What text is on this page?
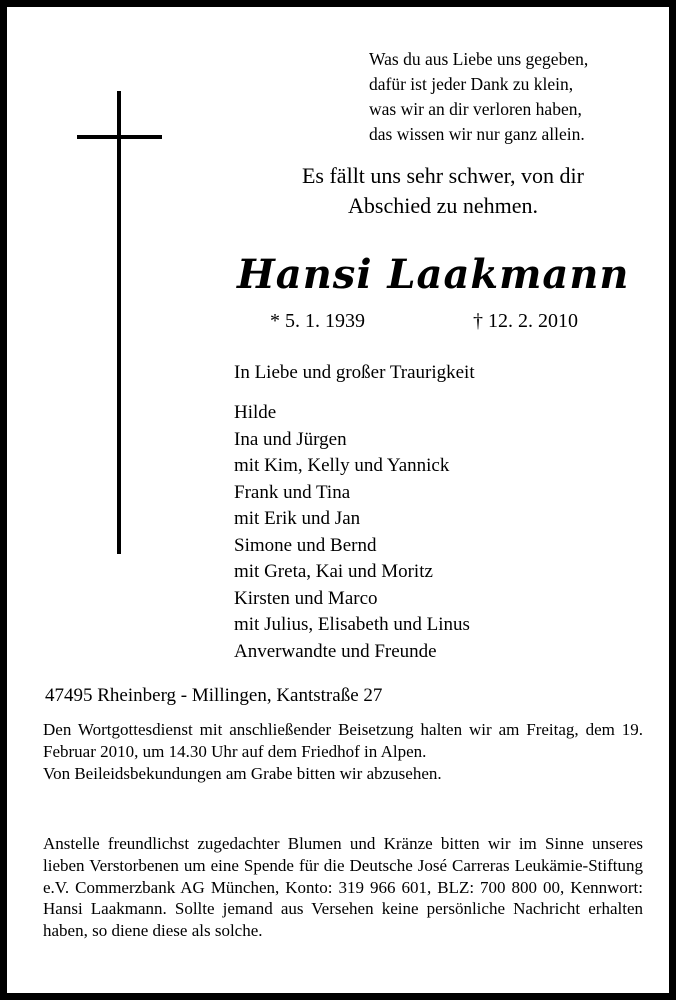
Was du aus Liebe uns gegeben,
dafür ist jeder Dank zu klein,
was wir an dir verloren haben,
das wissen wir nur ganz allein.
Es fällt uns sehr schwer, von dir Abschied zu nehmen.
Hansi Laakmann
* 5. 1. 1939	† 12. 2. 2010
In Liebe und großer Traurigkeit
Hilde
Ina und Jürgen
mit Kim, Kelly und Yannick
Frank und Tina
mit Erik und Jan
Simone und Bernd
mit Greta, Kai und Moritz
Kirsten und Marco
mit Julius, Elisabeth und Linus
Anverwandte und Freunde
47495 Rheinberg - Millingen, Kantstraße 27
Den Wortgottesdienst mit anschließender Beisetzung halten wir am Freitag, dem 19. Februar 2010, um 14.30 Uhr auf dem Friedhof in Alpen.
Von Beileidsbekundungen am Grabe bitten wir abzusehen.
Anstelle freundlichst zugedachter Blumen und Kränze bitten wir im Sinne unseres lieben Verstorbenen um eine Spende für die Deutsche José Carreras Leukämie-Stiftung e.V. Commerzbank AG München, Konto: 319 966 601, BLZ: 700 800 00, Kennwort: Hansi Laakmann. Sollte jemand aus Versehen keine persönliche Nachricht erhalten haben, so diene diese als solche.
